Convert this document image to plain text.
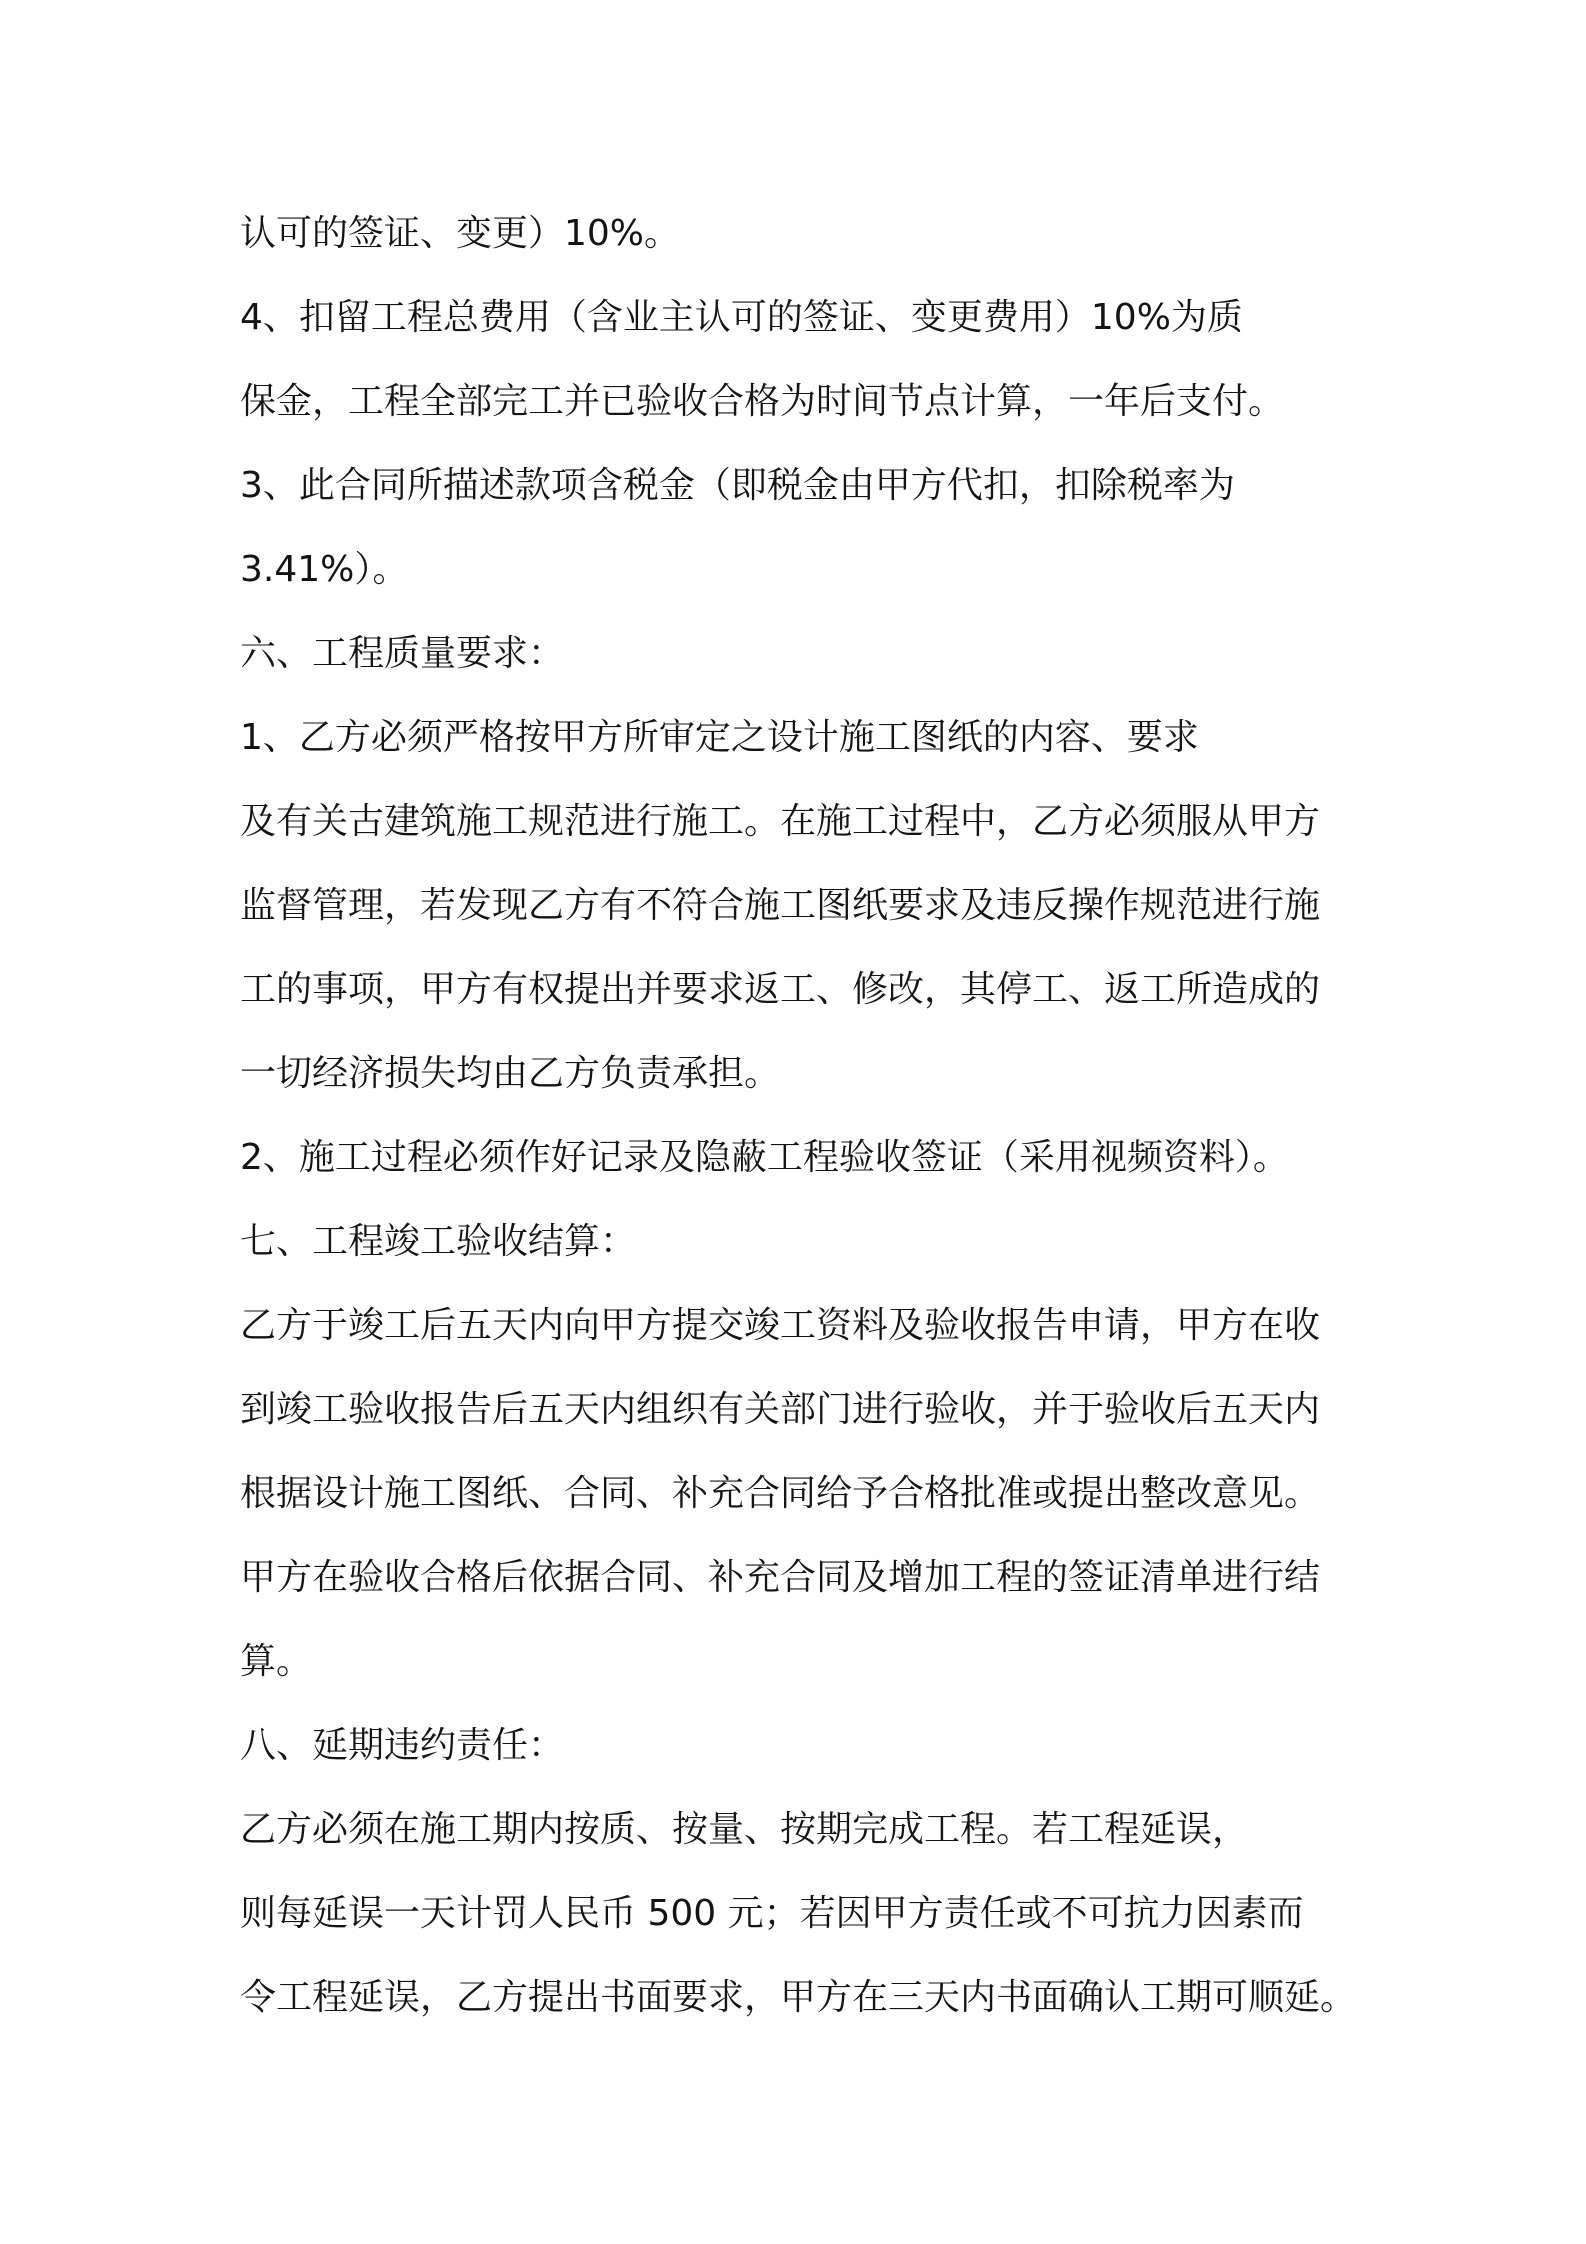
认可的签证、变更）10%。
4、扣留工程总费用（含业主认可的签证、变更费用）10%为质
保金，工程全部完工并已验收合格为时间节点计算，一年后支付。
3、此合同所描述款项含税金（即税金由甲方代扣，扣除税率为
3.41%）。
六、工程质量要求：
1、乙方必须严格按甲方所审定之设计施工图纸的内容、要求
及有关古建筑施工规范进行施工。在施工过程中，乙方必须服从甲方
监督管理，若发现乙方有不符合施工图纸要求及违反操作规范进行施
工的事项，甲方有权提出并要求返工、修改，其停工、返工所造成的
一切经济损失均由乙方负责承担。
2、施工过程必须作好记录及隐蔽工程验收签证（采用视频资料）。
七、工程竣工验收结算：
乙方于竣工后五天内向甲方提交竣工资料及验收报告申请，甲方在收
到竣工验收报告后五天内组织有关部门进行验收，并于验收后五天内
根据设计施工图纸、合同、补充合同给予合格批准或提出整改意见。
甲方在验收合格后依据合同、补充合同及增加工程的签证清单进行结
算。
八、延期违约责任：
乙方必须在施工期内按质、按量、按期完成工程。若工程延误，
则每延误一天计罚人民币 500 元；若因甲方责任或不可抗力因素而
令工程延误，乙方提出书面要求，甲方在三天内书面确认工期可顺延。
